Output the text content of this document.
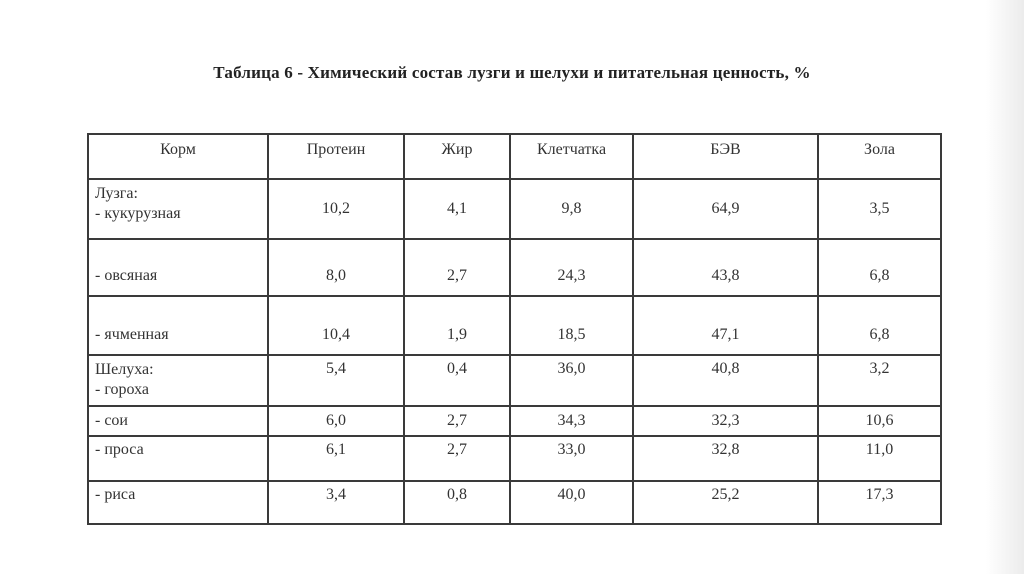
Таблица 6 - Химический состав лузги и шелухи и питательная ценность, %
Корм	Протеин	Жир	Клетчатка	БЭВ	Зола

Лузга:
- кукурузная	10,2	4,1	9,8	64,9	3,5
- овсяная	8,0	2,7	24,3	43,8	6,8
- ячменная	10,4	1,9	18,5	47,1	6,8

Шелуха:
- гороха	5,4	0,4	36,0	40,8	3,2
- сои	6,0	2,7	34,3	32,3	10,6
- проса	6,1	2,7	33,0	32,8	11,0
- риса	3,4	0,8	40,0	25,2	17,3
